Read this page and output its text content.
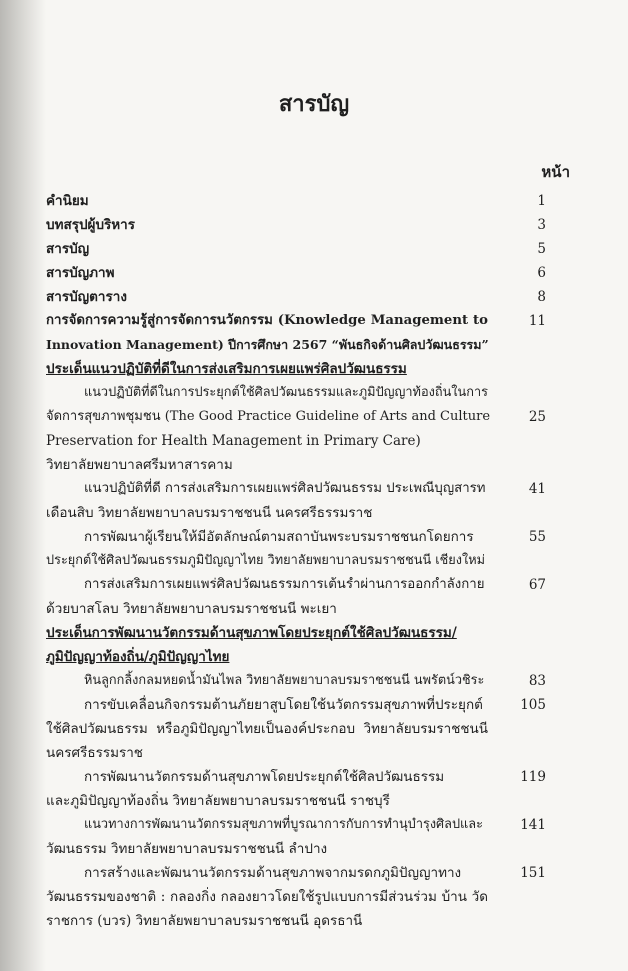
สารบัญ
หน้า
คำนิยม	1
บทสรุปผู้บริหาร	3
สารบัญ	5
สารบัญภาพ	6
สารบัญตาราง	8
การจัดการความรู้สู่การจัดการนวัตกรรม (Knowledge Management to	11
Innovation Management) ปีการศึกษา 2567 “พันธกิจด้านศิลปวัฒนธรรม”
ประเด็นแนวปฏิบัติที่ดีในการส่งเสริมการเผยแพร่ศิลปวัฒนธรรม
แนวปฏิบัติที่ดีในการประยุกต์ใช้ศิลปวัฒนธรรมและภูมิปัญญาท้องถิ่นในการ
จัดการสุขภาพชุมชน (The Good Practice Guideline of Arts and Culture	25
Preservation for Health Management in Primary Care)
วิทยาลัยพยาบาลศรีมหาสารคาม
แนวปฏิบัติที่ดี การส่งเสริมการเผยแพร่ศิลปวัฒนธรรม ประเพณีบุญสารท	41
เดือนสิบ วิทยาลัยพยาบาลบรมราชชนนี นครศรีธรรมราช
การพัฒนาผู้เรียนให้มีอัตลักษณ์ตามสถาบันพระบรมราชชนกโดยการ	55
ประยุกต์ใช้ศิลปวัฒนธรรมภูมิปัญญาไทย วิทยาลัยพยาบาลบรมราชชนนี เชียงใหม่
การส่งเสริมการเผยแพร่ศิลปวัฒนธรรมการเต้นรำผ่านการออกกำลังกาย	67
ด้วยบาสโลบ วิทยาลัยพยาบาลบรมราชชนนี พะเยา
ประเด็นการพัฒนานวัตกรรมด้านสุขภาพโดยประยุกต์ใช้ศิลปวัฒนธรรม/
ภูมิปัญญาท้องถิ่น/ภูมิปัญญาไทย
หินลูกกลิ้งกลมหยดน้ำมันไพล วิทยาลัยพยาบาลบรมราชชนนี นพรัตน์วชิระ	83
การขับเคลื่อนกิจกรรมต้านภัยยาสูบโดยใช้นวัตกรรมสุขภาพที่ประยุกต์	105
ใช้ศิลปวัฒนธรรม หรือภูมิปัญญาไทยเป็นองค์ประกอบ วิทยาลัยบรมราชชนนี
นครศรีธรรมราช
การพัฒนานวัตกรรมด้านสุขภาพโดยประยุกต์ใช้ศิลปวัฒนธรรม	119
และภูมิปัญญาท้องถิ่น วิทยาลัยพยาบาลบรมราชชนนี ราชบุรี
แนวทางการพัฒนานวัตกรรมสุขภาพที่บูรณาการกับการทำนุบำรุงศิลปและ	141
วัฒนธรรม วิทยาลัยพยาบาลบรมราชชนนี ลำปาง
การสร้างและพัฒนานวัตกรรมด้านสุขภาพจากมรดกภูมิปัญญาทาง	151
วัฒนธรรมของชาติ : กลองกิ่ง กลองยาวโดยใช้รูปแบบการมีส่วนร่วม บ้าน วัด
ราชการ (บวร) วิทยาลัยพยาบาลบรมราชชนนี อุดรธานี
